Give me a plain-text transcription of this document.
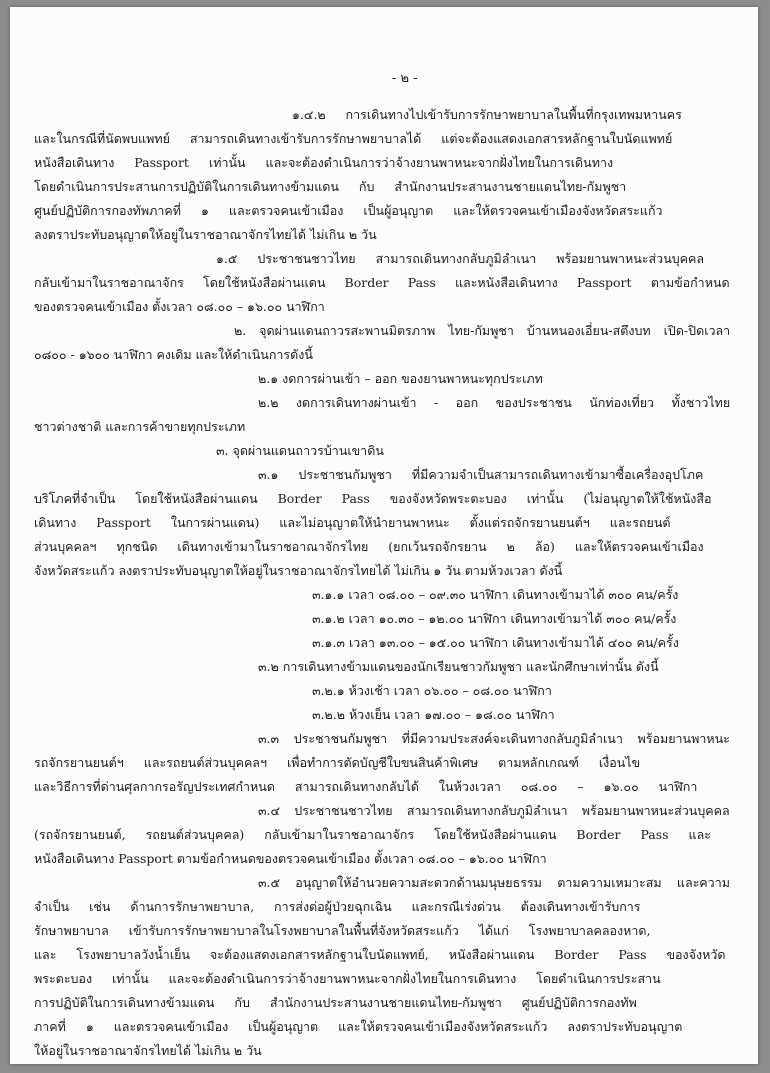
- ๒ -
๑.๔.๒ การเดินทางไปเข้ารับการรักษาพยาบาลในพื้นที่กรุงเทพมหานคร
และในกรณีที่นัดพบแพทย์ สามารถเดินทางเข้ารับการรักษาพยาบาลได้ แต่จะต้องแสดงเอกสารหลักฐานใบนัดแพทย์
หนังสือเดินทาง Passport เท่านั้น และจะต้องดำเนินการว่าจ้างยานพาหนะจากฝั่งไทยในการเดินทาง
โดยดำเนินการประสานการปฏิบัติในการเดินทางข้ามแดน กับ สำนักงานประสานงานชายแดนไทย-กัมพูชา
ศูนย์ปฏิบัติการกองทัพภาคที่ ๑ และตรวจคนเข้าเมือง เป็นผู้อนุญาต และให้ตรวจคนเข้าเมืองจังหวัดสระแก้ว
ลงตราประทับอนุญาตให้อยู่ในราชอาณาจักรไทยได้ ไม่เกิน ๒ วัน
๑.๕ ประชาชนชาวไทย สามารถเดินทางกลับภูมิลำเนา พร้อมยานพาหนะส่วนบุคคล
กลับเข้ามาในราชอาณาจักร โดยใช้หนังสือผ่านแดน Border Pass และหนังสือเดินทาง Passport ตามข้อกำหนด
ของตรวจคนเข้าเมือง ตั้งเวลา ๐๘.๐๐ – ๑๖.๐๐ นาฬิกา
๒. จุดผ่านแดนถาวรสะพานมิตรภาพ ไทย-กัมพูชา บ้านหนองเอี่ยน-สตึงบท เปิด-ปิดเวลา
๐๘๐๐ - ๑๖๐๐ นาฬิกา คงเดิม และให้ดำเนินการดังนี้
๒.๑ งดการผ่านเข้า – ออก ของยานพาหนะทุกประเภท
๒.๒ งดการเดินทางผ่านเข้า - ออก ของประชาชน นักท่องเที่ยว ทั้งชาวไทย
ชาวต่างชาติ และการค้าขายทุกประเภท
๓. จุดผ่านแดนถาวรบ้านเขาดิน
๓.๑ ประชาชนกัมพูชา ที่มีความจำเป็นสามารถเดินทางเข้ามาซื้อเครื่องอุปโภค
บริโภคที่จำเป็น โดยใช้หนังสือผ่านแดน Border Pass ของจังหวัดพระตะบอง เท่านั้น (ไม่อนุญาตให้ใช้หนังสือ
เดินทาง Passport ในการผ่านแดน) และไม่อนุญาตให้นำยานพาหนะ ตั้งแต่รถจักรยานยนต์ฯ และรถยนต์
ส่วนบุคคลฯ ทุกชนิด เดินทางเข้ามาในราชอาณาจักรไทย (ยกเว้นรถจักรยาน ๒ ล้อ) และให้ตรวจคนเข้าเมือง
จังหวัดสระแก้ว ลงตราประทับอนุญาตให้อยู่ในราชอาณาจักรไทยได้ ไม่เกิน ๑ วัน ตามห้วงเวลา ดังนี้
๓.๑.๑ เวลา ๐๘.๐๐ – ๐๙.๓๐ นาฬิกา เดินทางเข้ามาได้ ๓๐๐ คน/ครั้ง
๓.๑.๒ เวลา ๑๐.๓๐ – ๑๒.๐๐ นาฬิกา เดินทางเข้ามาได้ ๓๐๐ คน/ครั้ง
๓.๑.๓ เวลา ๑๓.๐๐ – ๑๕.๐๐ นาฬิกา เดินทางเข้ามาได้ ๔๐๐ คน/ครั้ง
๓.๒ การเดินทางข้ามแดนของนักเรียนชาวกัมพูชา และนักศึกษาเท่านั้น ดังนี้
๓.๒.๑ ห้วงเช้า เวลา ๐๖.๐๐ – ๐๘.๐๐ นาฬิกา
๓.๒.๒ ห้วงเย็น เวลา ๑๗.๐๐ – ๑๘.๐๐ นาฬิกา
๓.๓ ประชาชนกัมพูชา ที่มีความประสงค์จะเดินทางกลับภูมิลำเนา พร้อมยานพาหนะ
รถจักรยานยนต์ฯ และรถยนต์ส่วนบุคคลฯ เพื่อทำการตัดบัญชีใบขนสินค้าพิเศษ ตามหลักเกณฑ์ เงื่อนไข
และวิธีการที่ด่านศุลกากรอรัญประเทศกำหนด สามารถเดินทางกลับได้ ในห้วงเวลา ๐๘.๐๐ – ๑๖.๐๐ นาฬิกา
๓.๔ ประชาชนชาวไทย สามารถเดินทางกลับภูมิลำเนา พร้อมยานพาหนะส่วนบุคคล
(รถจักรยานยนต์, รถยนต์ส่วนบุคคล) กลับเข้ามาในราชอาณาจักร โดยใช้หนังสือผ่านแดน Border Pass และ
หนังสือเดินทาง Passport ตามข้อกำหนดของตรวจคนเข้าเมือง ตั้งเวลา ๐๘.๐๐ – ๑๖.๐๐ นาฬิกา
๓.๕ อนุญาตให้อำนวยความสะดวกด้านมนุษยธรรม ตามความเหมาะสม และความ
จำเป็น เช่น ด้านการรักษาพยาบาล, การส่งต่อผู้ป่วยฉุกเฉิน และกรณีเร่งด่วน ต้องเดินทางเข้ารับการ
รักษาพยาบาล เข้ารับการรักษาพยาบาลในโรงพยาบาลในพื้นที่จังหวัดสระแก้ว ได้แก่ โรงพยาบาลคลองหาด,
และ โรงพยาบาลวังน้ำเย็น จะต้องแสดงเอกสารหลักฐานใบนัดแพทย์, หนังสือผ่านแดน Border Pass ของจังหวัด
พระตะบอง เท่านั้น และจะต้องดำเนินการว่าจ้างยานพาหนะจากฝั่งไทยในการเดินทาง โดยดำเนินการประสาน
การปฏิบัติในการเดินทางข้ามแดน กับ สำนักงานประสานงานชายแดนไทย-กัมพูชา ศูนย์ปฏิบัติการกองทัพ
ภาคที่ ๑ และตรวจคนเข้าเมือง เป็นผู้อนุญาต และให้ตรวจคนเข้าเมืองจังหวัดสระแก้ว ลงตราประทับอนุญาต
ให้อยู่ในราชอาณาจักรไทยได้ ไม่เกิน ๒ วัน
